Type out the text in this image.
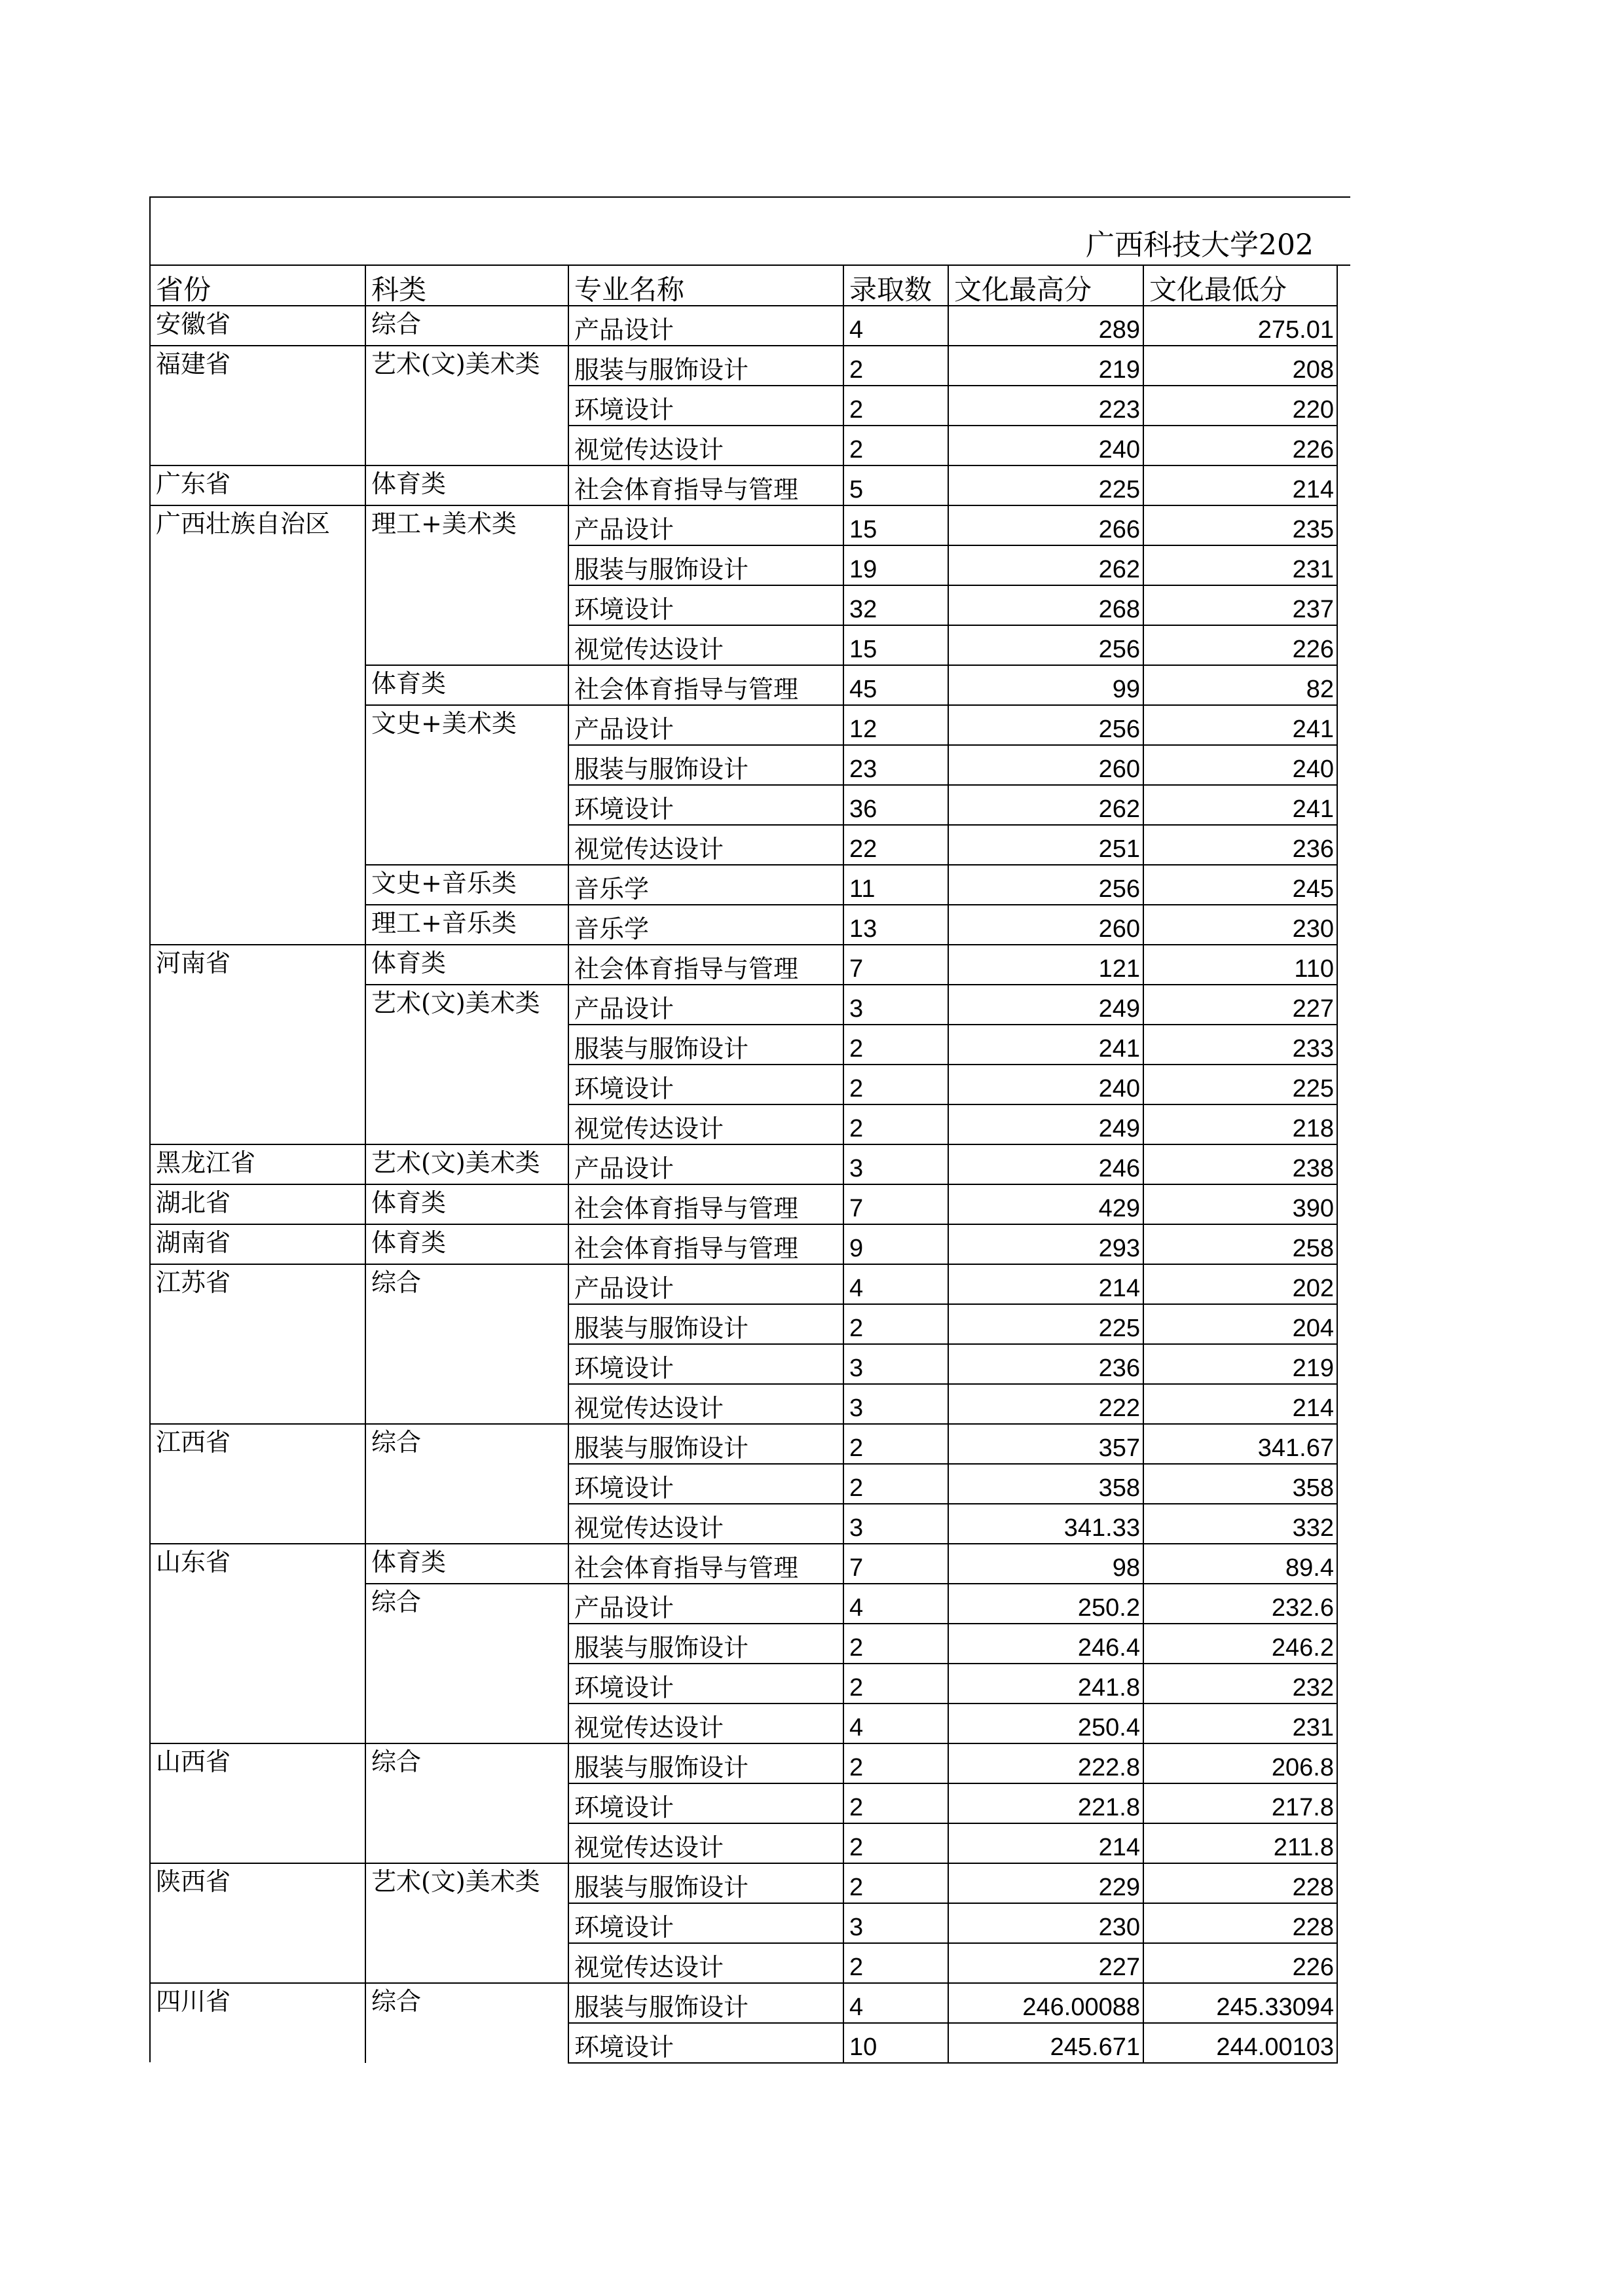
广西科技大学202
省份	科类	专业名称	录取数	文化最高分	文化最低分
安徽省	综合	产品设计	4	289	275.01
福建省	艺术(文)美术类	服装与服饰设计	2	219	208
		环境设计	2	223	220
		视觉传达设计	2	240	226
广东省	体育类	社会体育指导与管理	5	225	214
广西壮族自治区	理工+美术类	产品设计	15	266	235
		服装与服饰设计	19	262	231
		环境设计	32	268	237
		视觉传达设计	15	256	226
	体育类	社会体育指导与管理	45	99	82
	文史+美术类	产品设计	12	256	241
		服装与服饰设计	23	260	240
		环境设计	36	262	241
		视觉传达设计	22	251	236
	文史+音乐类	音乐学	11	256	245
	理工+音乐类	音乐学	13	260	230
河南省	体育类	社会体育指导与管理	7	121	110
	艺术(文)美术类	产品设计	3	249	227
		服装与服饰设计	2	241	233
		环境设计	2	240	225
		视觉传达设计	2	249	218
黑龙江省	艺术(文)美术类	产品设计	3	246	238
湖北省	体育类	社会体育指导与管理	7	429	390
湖南省	体育类	社会体育指导与管理	9	293	258
江苏省	综合	产品设计	4	214	202
		服装与服饰设计	2	225	204
		环境设计	3	236	219
		视觉传达设计	3	222	214
江西省	综合	服装与服饰设计	2	357	341.67
		环境设计	2	358	358
		视觉传达设计	3	341.33	332
山东省	体育类	社会体育指导与管理	7	98	89.4
	综合	产品设计	4	250.2	232.6
		服装与服饰设计	2	246.4	246.2
		环境设计	2	241.8	232
		视觉传达设计	4	250.4	231
山西省	综合	服装与服饰设计	2	222.8	206.8
		环境设计	2	221.8	217.8
		视觉传达设计	2	214	211.8
陕西省	艺术(文)美术类	服装与服饰设计	2	229	228
		环境设计	3	230	228
		视觉传达设计	2	227	226
四川省	综合	服装与服饰设计	4	246.00088	245.33094
		环境设计	10	245.671	244.00103
